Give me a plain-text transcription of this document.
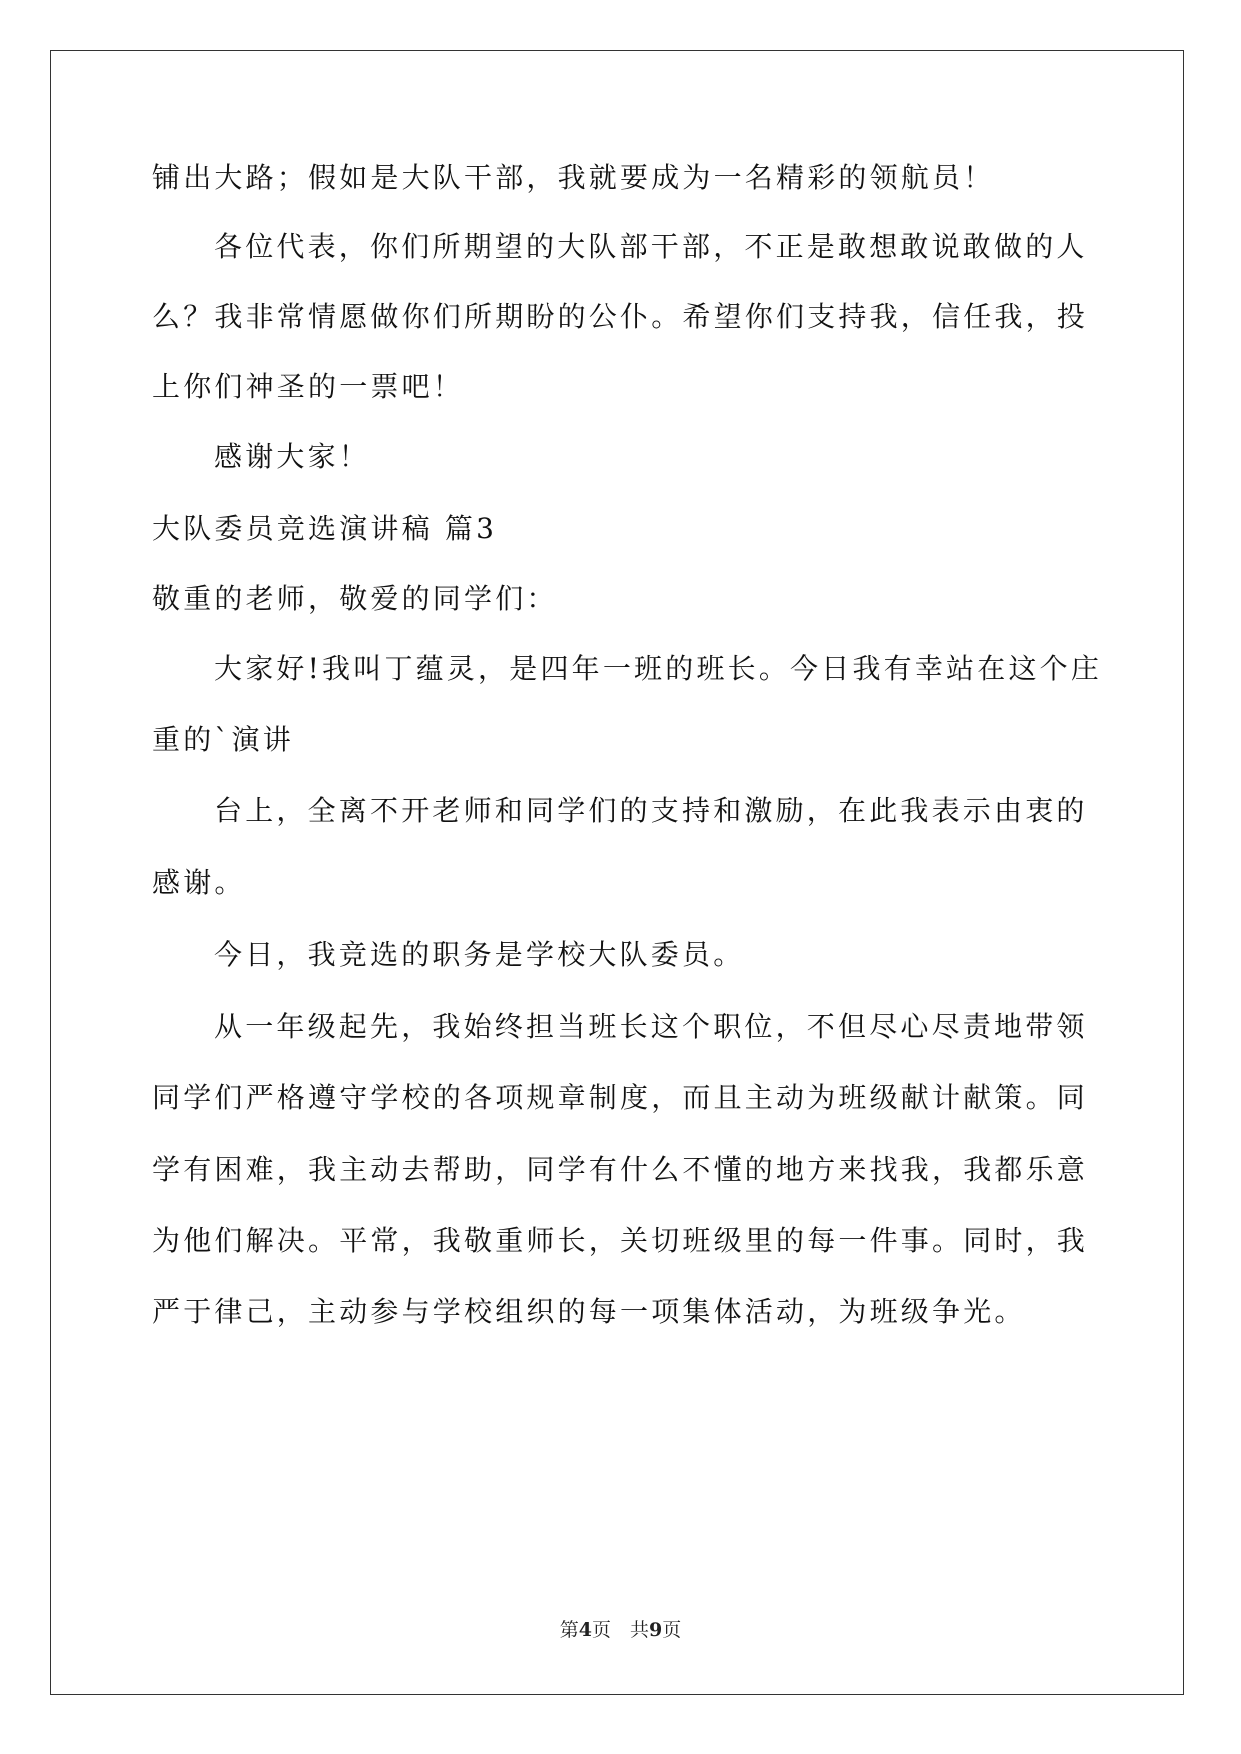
铺出大路；假如是大队干部，我就要成为一名精彩的领航员！
各位代表，你们所期望的大队部干部，不正是敢想敢说敢做的人
么？我非常情愿做你们所期盼的公仆。希望你们支持我，信任我，投
上你们神圣的一票吧！
感谢大家！
大队委员竞选演讲稿 篇3
敬重的老师，敬爱的同学们：
大家好!我叫丁蕴灵，是四年一班的班长。今日我有幸站在这个庄
重的`演讲
台上，全离不开老师和同学们的支持和激励，在此我表示由衷的
感谢。
今日，我竞选的职务是学校大队委员。
从一年级起先，我始终担当班长这个职位，不但尽心尽责地带领
同学们严格遵守学校的各项规章制度，而且主动为班级献计献策。同
学有困难，我主动去帮助，同学有什么不懂的地方来找我，我都乐意
为他们解决。平常，我敬重师长，关切班级里的每一件事。同时，我
严于律己，主动参与学校组织的每一项集体活动，为班级争光。
第4页　共9页
